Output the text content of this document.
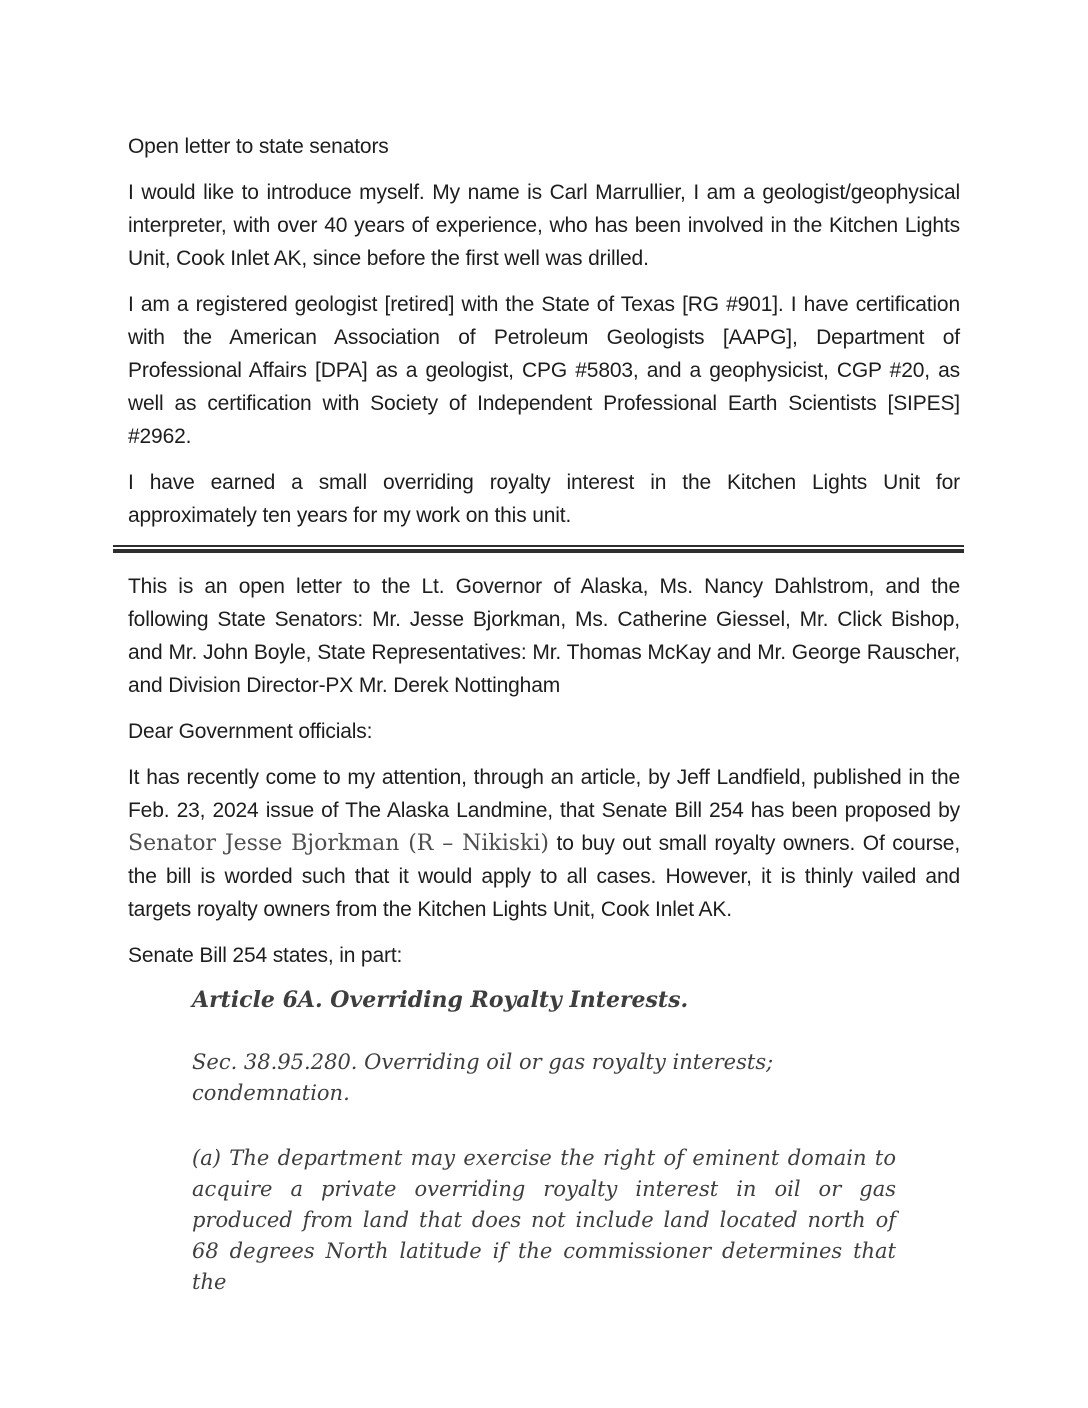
Open letter to state senators

I would like to introduce myself. My name is Carl Marrullier, I am a geologist/geophysical interpreter, with over 40 years of experience, who has been involved in the Kitchen Lights Unit, Cook Inlet AK, since before the first well was drilled.

I am a registered geologist [retired] with the State of Texas [RG #901]. I have certification with the American Association of Petroleum Geologists [AAPG], Department of Professional Affairs [DPA] as a geologist, CPG #5803, and a geophysicist, CGP #20, as well as certification with Society of Independent Professional Earth Scientists [SIPES] #2962.

I have earned a small overriding royalty interest in the Kitchen Lights Unit for approximately ten years for my work on this unit.

This is an open letter to the Lt. Governor of Alaska, Ms. Nancy Dahlstrom, and the following State Senators: Mr. Jesse Bjorkman, Ms. Catherine Giessel, Mr. Click Bishop, and Mr. John Boyle, State Representatives: Mr. Thomas McKay and Mr. George Rauscher, and Division Director-PX Mr. Derek Nottingham

Dear Government officials:

It has recently come to my attention, through an article, by Jeff Landfield, published in the Feb. 23, 2024 issue of The Alaska Landmine, that Senate Bill 254 has been proposed by Senator Jesse Bjorkman (R – Nikiski) to buy out small royalty owners. Of course, the bill is worded such that it would apply to all cases. However, it is thinly vailed and targets royalty owners from the Kitchen Lights Unit, Cook Inlet AK.

Senate Bill 254 states, in part:

Article 6A. Overriding Royalty Interests.

Sec. 38.95.280. Overriding oil or gas royalty interests; condemnation.

(a) The department may exercise the right of eminent domain to acquire a private overriding royalty interest in oil or gas produced from land that does not include land located north of 68 degrees North latitude if the commissioner determines that the
